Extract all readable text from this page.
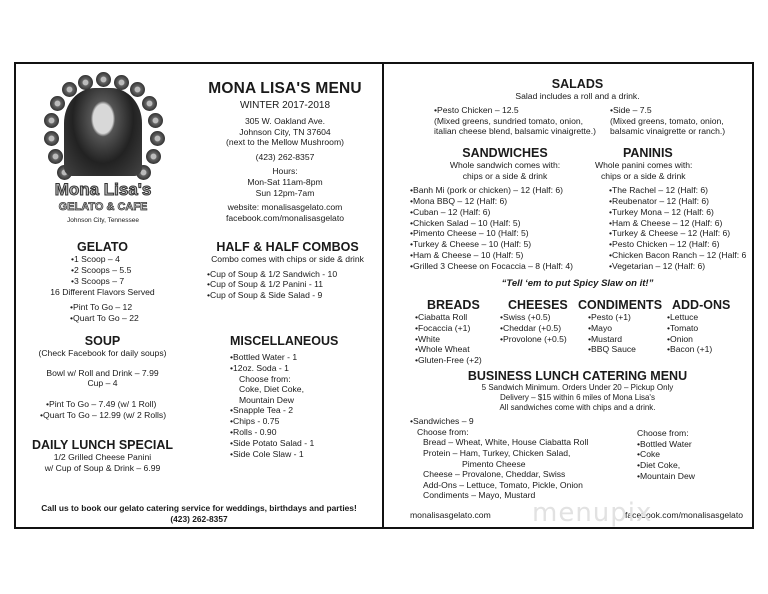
Mona Lisa's
GELATO & CAFE
Johnson City, Tennessee
MONA LISA'S MENU
WINTER 2017-2018
305 W. Oakland Ave.
Johnson City, TN 37604
(next to the Mellow Mushroom)
(423) 262-8357
Hours:
Mon-Sat 11am-8pm
Sun 12pm-7am
website: monalisasgelato.com
facebook.com/monalisasgelato
GELATO
• 1 Scoop – 4
• 2 Scoops – 5.5
• 3 Scoops – 7
16 Different Flavors Served
• Pint To Go – 12
• Quart To Go – 22
SOUP
(Check Facebook for daily soups)
Bowl w/ Roll and Drink – 7.99
Cup – 4
• Pint To Go – 7.49 (w/ 1 Roll)
• Quart To Go – 12.99 (w/ 2 Rolls)
DAILY LUNCH SPECIAL
1/2 Grilled Cheese Panini
w/ Cup of Soup & Drink – 6.99
HALF & HALF COMBOS
Combo comes with chips or side & drink
• Cup of Soup & 1/2 Sandwich - 10
• Cup of Soup & 1/2 Panini - 11
• Cup of Soup & Side Salad - 9
MISCELLANEOUS
• Bottled Water - 1
• 12oz. Soda - 1
Choose from:
Coke, Diet Coke,
Mountain Dew
• Snapple Tea - 2
• Chips - 0.75
• Rolls - 0.90
• Side Potato Salad - 1
• Side Cole Slaw - 1
Call us to book our gelato catering service for weddings, birthdays and parties!
(423) 262-8357
SALADS
Salad includes a roll and a drink.
• Pesto Chicken – 12.5
(Mixed greens, sundried tomato, onion,
italian cheese blend, balsamic vinaigrette.)
• Side – 7.5
(Mixed greens, tomato, onion,
balsamic vinaigrette or ranch.)
SANDWICHES
Whole sandwich comes with:
chips or a side & drink
• Banh Mi (pork or chicken) – 12 (Half: 6)
• Mona BBQ – 12 (Half: 6)
• Cuban – 12 (Half: 6)
• Chicken Salad – 10 (Half: 5)
• Pimento Cheese – 10 (Half: 5)
• Turkey & Cheese – 10 (Half: 5)
• Ham & Cheese – 10 (Half: 5)
• Grilled 3 Cheese on Focaccia – 8 (Half: 4)
PANINIS
Whole panini comes with:
chips or a side & drink
• The Rachel – 12 (Half: 6)
• Reubenator – 12 (Half: 6)
• Turkey Mona – 12 (Half: 6)
• Ham & Cheese – 12 (Half: 6)
• Turkey & Cheese – 12 (Half: 6)
• Pesto Chicken – 12 (Half: 6)
• Chicken Bacon Ranch – 12 (Half: 6
• Vegetarian – 12 (Half: 6)
“Tell ‘em to put Spicy Slaw on it!”
BREADS
• Ciabatta Roll
• Focaccia (+1)
• White
• Whole Wheat
• Gluten-Free (+2)
CHEESES
• Swiss (+0.5)
• Cheddar (+0.5)
• Provolone (+0.5)
CONDIMENTS
• Pesto (+1)
• Mayo
• Mustard
• BBQ Sauce
ADD-ONS
• Lettuce
• Tomato
• Onion
• Bacon (+1)
BUSINESS LUNCH CATERING MENU
5 Sandwich Minimum. Orders Under 20 – Pickup Only
Delivery – $15 within 6 miles of Mona Lisa's
All sandwiches come with chips and a drink.
• Sandwiches – 9
Choose from:
Bread – Wheat, White, House Ciabatta Roll
Protein – Ham, Turkey, Chicken Salad,
Pimento Cheese
Cheese – Provalone, Cheddar, Swiss
Add-Ons – Lettuce, Tomato, Pickle, Onion
Condiments – Mayo, Mustard
Choose from:
• Bottled Water
• Coke
• Diet Coke,
• Mountain Dew
monalisasgelato.com	facebook.com/monalisasgelato
menupix
